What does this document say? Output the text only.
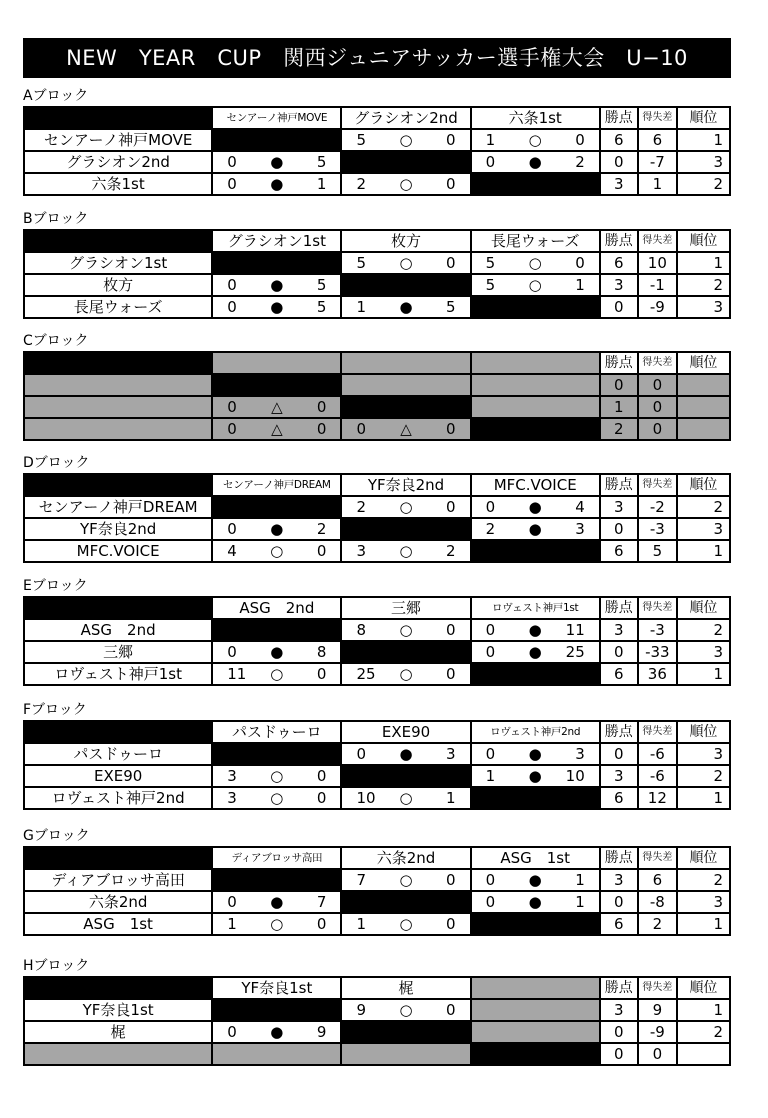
NEW　YEAR　CUP　関西ジュニアサッカー選手権大会　U−10
Aブロック
	センアーノ神戸MOVE	グラシオン2nd	六条1st	勝点	得失差	順位
センアーノ神戸MOVE		5 ○ 0	1 ○ 0	6	6	1
グラシオン2nd	0 ● 5		0 ● 2	0	-7	3
六条1st	0 ● 1	2 ○ 0		3	1	2
Bブロック
	グラシオン1st	枚方	長尾ウォーズ	勝点	得失差	順位
グラシオン1st		5 ○ 0	5 ○ 0	6	10	1
枚方	0 ● 5		5 ○ 1	3	-1	2
長尾ウォーズ	0 ● 5	1 ● 5		0	-9	3
Cブロック
				勝点	得失差	順位
				0	0	

	0 △ 0			1	0	

	0 △ 0	0 △ 0		2	0	
Dブロック
	センアーノ神戸DREAM	YF奈良2nd	MFC.VOICE	勝点	得失差	順位
センアーノ神戸DREAM		2 ○ 0	0 ● 4	3	-2	2
YF奈良2nd	0 ● 2		2 ● 3	0	-3	3
MFC.VOICE	4 ○ 0	3 ○ 2		6	5	1
Eブロック
	ASG　2nd	三郷	ロヴェスト神戸1st	勝点	得失差	順位
ASG　2nd		8 ○ 0	0 ● 11	3	-3	2
三郷	0 ● 8		0 ● 25	0	-33	3
ロヴェスト神戸1st	11 ○ 0	25 ○ 0		6	36	1
Fブロック
	パスドゥーロ	EXE90	ロヴェスト神戸2nd	勝点	得失差	順位
パスドゥーロ		0 ● 3	0 ● 3	0	-6	3
EXE90	3 ○ 0		1 ● 10	3	-6	2
ロヴェスト神戸2nd	3 ○ 0	10 ○ 1		6	12	1
Gブロック
	ディアブロッサ高田	六条2nd	ASG　1st	勝点	得失差	順位
ディアブロッサ高田		7 ○ 0	0 ● 1	3	6	2
六条2nd	0 ● 7		0 ● 1	0	-8	3
ASG　1st	1 ○ 0	1 ○ 0		6	2	1
Hブロック
	YF奈良1st	梶		勝点	得失差	順位
YF奈良1st		9 ○ 0		3	9	1
梶	0 ● 9			0	-9	2
				0	0	
